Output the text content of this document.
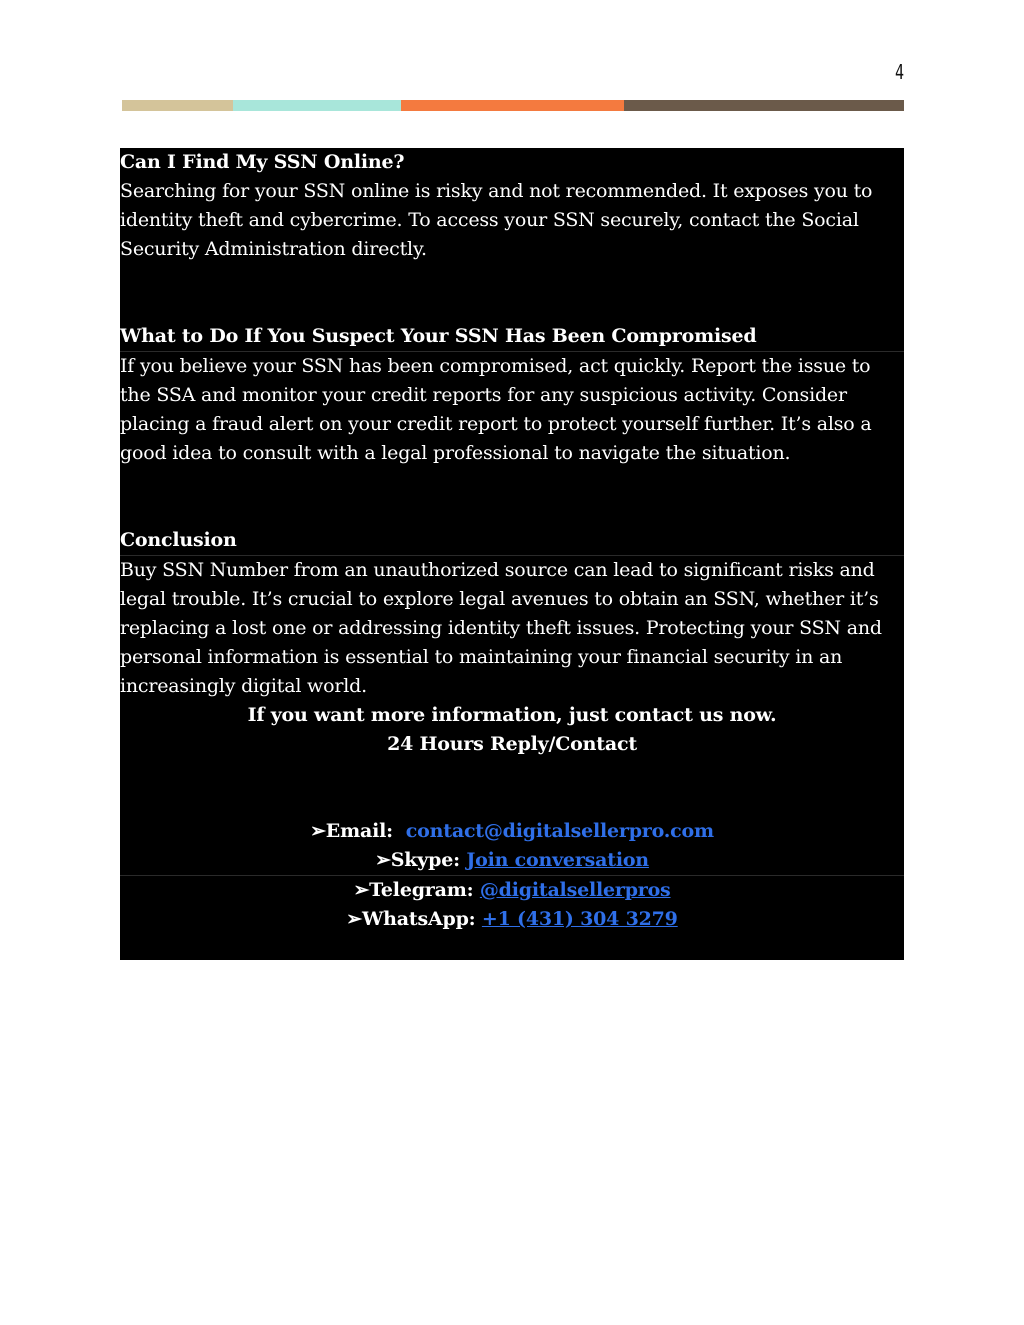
4

Can I Find My SSN Online?

Searching for your SSN online is risky and not recommended. It exposes you to identity theft and cybercrime. To access your SSN securely, contact the Social Security Administration directly.

What to Do If You Suspect Your SSN Has Been Compromised

If you believe your SSN has been compromised, act quickly. Report the issue to the SSA and monitor your credit reports for any suspicious activity. Consider placing a fraud alert on your credit report to protect yourself further. It’s also a good idea to consult with a legal professional to navigate the situation.

Conclusion

Buy SSN Number from an unauthorized source can lead to significant risks and legal trouble. It’s crucial to explore legal avenues to obtain an SSN, whether it’s replacing a lost one or addressing identity theft issues. Protecting your SSN and personal information is essential to maintaining your financial security in an increasingly digital world.

If you want more information, just contact us now.

24 Hours Reply/Contact

➢Email: contact@digitalsellerpro.com

➢Skype: Join conversation

➢Telegram: @digitalsellerpros

➢WhatsApp: +1 (431) 304 3279
